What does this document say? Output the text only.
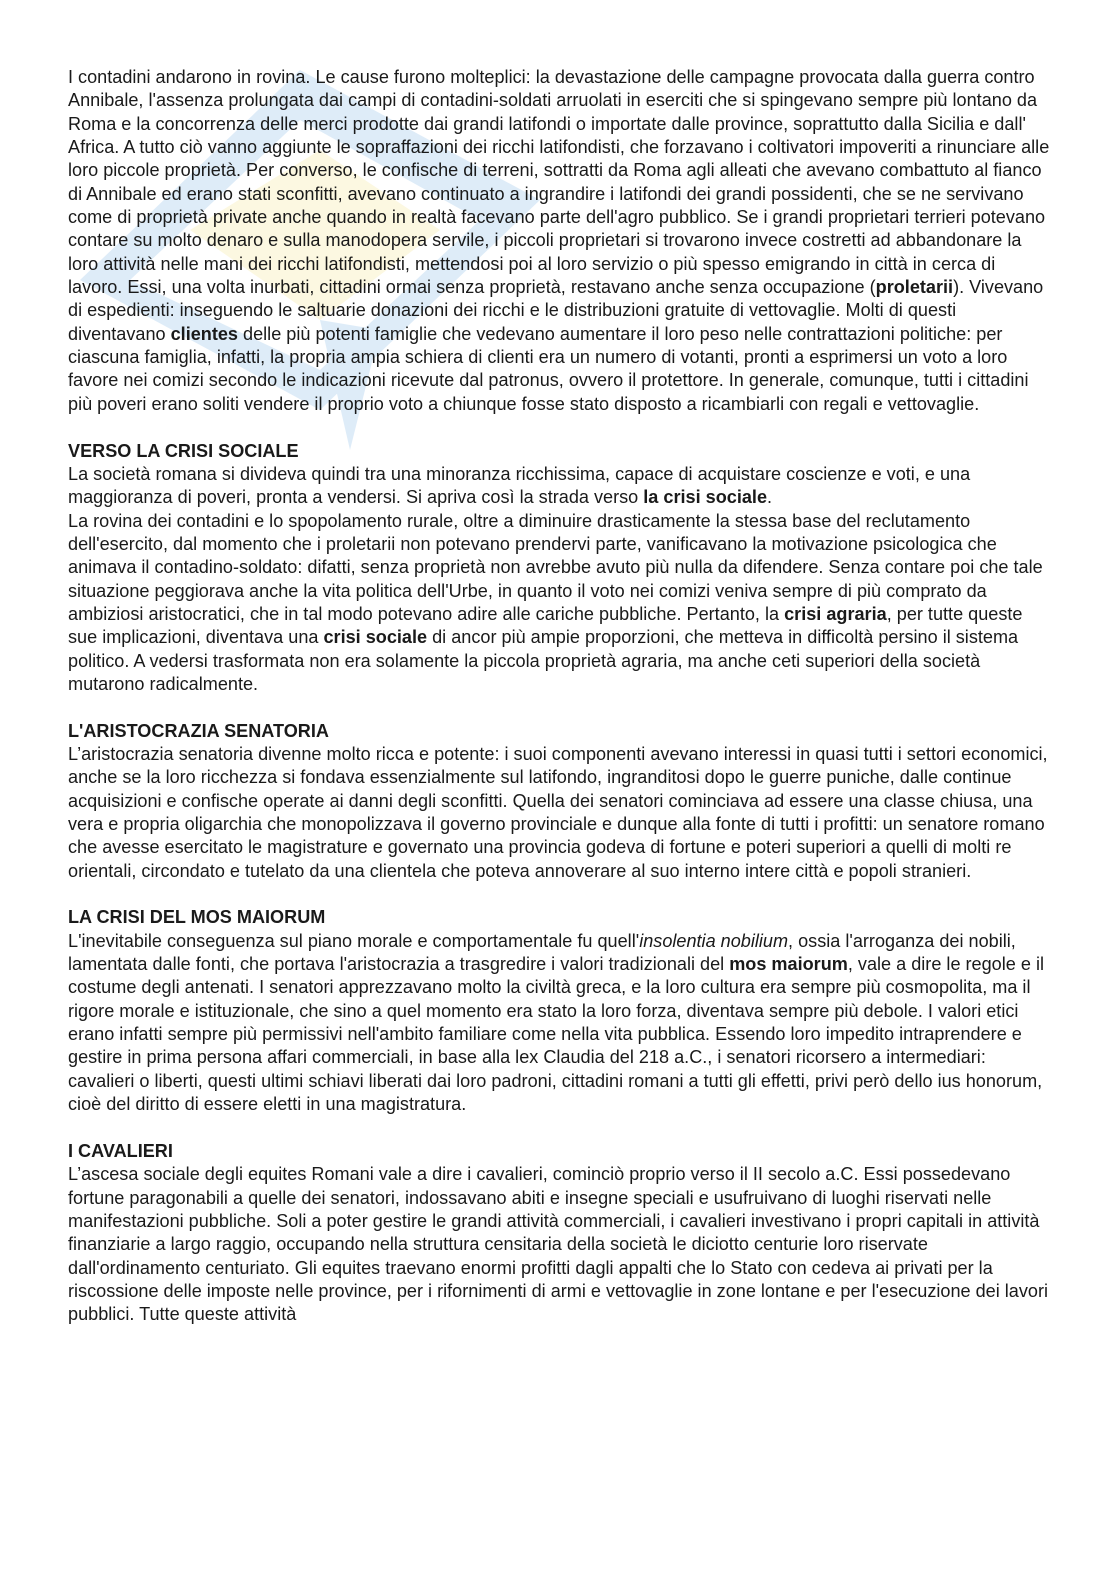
I contadini andarono in rovina. Le cause furono molteplici: la devastazione delle campagne provocata dalla guerra contro Annibale, l'assenza prolungata dai campi di contadini-soldati arruolati in eserciti che si spingevano sempre più lontano da Roma e la concorrenza delle merci prodotte dai grandi latifondi o importate dalle province, soprattutto dalla Sicilia e dall' Africa. A tutto ciò vanno aggiunte le sopraffazioni dei ricchi latifondisti, che forzavano i coltivatori impoveriti a rinunciare alle loro piccole proprietà. Per converso, le confische di terreni, sottratti da Roma agli alleati che avevano combattuto al fianco di Annibale ed erano stati sconfitti, avevano continuato a ingrandire i latifondi dei grandi possidenti, che se ne servivano come di proprietà private anche quando in realtà facevano parte dell'agro pubblico. Se i grandi proprietari terrieri potevano contare su molto denaro e sulla manodopera servile, i piccoli proprietari si trovarono invece costretti ad abbandonare la loro attività nelle mani dei ricchi latifondisti, mettendosi poi al loro servizio o più spesso emigrando in città in cerca di lavoro. Essi, una volta inurbati, cittadini ormai senza proprietà, restavano anche senza occupazione (proletarii). Vivevano di espedienti: inseguendo le saltuarie donazioni dei ricchi e le distribuzioni gratuite di vettovaglie. Molti di questi diventavano clientes delle più potenti famiglie che vedevano aumentare il loro peso nelle contrattazioni politiche: per ciascuna famiglia, infatti, la propria ampia schiera di clienti era un numero di votanti, pronti a esprimersi un voto a loro favore nei comizi secondo le indicazioni ricevute dal patronus, ovvero il protettore. In generale, comunque, tutti i cittadini più poveri erano soliti vendere il proprio voto a chiunque fosse stato disposto a ricambiarli con regali e vettovaglie.

VERSO LA CRISI SOCIALE

La società romana si divideva quindi tra una minoranza ricchissima, capace di acquistare coscienze e voti, e una maggioranza di poveri, pronta a vendersi. Si apriva così la strada verso la crisi sociale.

La rovina dei contadini e lo spopolamento rurale, oltre a diminuire drasticamente la stessa base del reclutamento dell'esercito, dal momento che i proletarii non potevano prendervi parte, vanificavano la motivazione psicologica che animava il contadino-soldato: difatti, senza proprietà non avrebbe avuto più nulla da difendere. Senza contare poi che tale situazione peggiorava anche la vita politica dell'Urbe, in quanto il voto nei comizi veniva sempre di più comprato da ambiziosi aristocratici, che in tal modo potevano adire alle cariche pubbliche. Pertanto, la crisi agraria, per tutte queste sue implicazioni, diventava una crisi sociale di ancor più ampie proporzioni, che metteva in difficoltà persino il sistema politico. A vedersi trasformata non era solamente la piccola proprietà agraria, ma anche ceti superiori della società mutarono radicalmente.

L'ARISTOCRAZIA SENATORIA

L’aristocrazia senatoria divenne molto ricca e potente: i suoi componenti avevano interessi in quasi tutti i settori economici, anche se la loro ricchezza si fondava essenzialmente sul latifondo, ingranditosi dopo le guerre puniche, dalle continue acquisizioni e confische operate ai danni degli sconfitti. Quella dei senatori cominciava ad essere una classe chiusa, una vera e propria oligarchia che monopolizzava il governo provinciale e dunque alla fonte di tutti i profitti: un senatore romano che avesse esercitato le magistrature e governato una provincia godeva di fortune e poteri superiori a quelli di molti re orientali, circondato e tutelato da una clientela che poteva annoverare al suo interno intere città e popoli stranieri.

LA CRISI DEL MOS MAIORUM

L'inevitabile conseguenza sul piano morale e comportamentale fu quell'insolentia nobilium, ossia l'arroganza dei nobili, lamentata dalle fonti, che portava l'aristocrazia a trasgredire i valori tradizionali del mos maiorum, vale a dire le regole e il costume degli antenati. I senatori apprezzavano molto la civiltà greca, e la loro cultura era sempre più cosmopolita, ma il rigore morale e istituzionale, che sino a quel momento era stato la loro forza, diventava sempre più debole. I valori etici erano infatti sempre più permissivi nell'ambito familiare come nella vita pubblica. Essendo loro impedito intraprendere e gestire in prima persona affari commerciali, in base alla lex Claudia del 218 a.C., i senatori ricorsero a intermediari: cavalieri o liberti, questi ultimi schiavi liberati dai loro padroni, cittadini romani a tutti gli effetti, privi però dello ius honorum, cioè del diritto di essere eletti in una magistratura.

I CAVALIERI

L’ascesa sociale degli equites Romani vale a dire i cavalieri, cominciò proprio verso il II secolo a.C. Essi possedevano fortune paragonabili a quelle dei senatori, indossavano abiti e insegne speciali e usufruivano di luoghi riservati nelle manifestazioni pubbliche. Soli a poter gestire le grandi attività commerciali, i cavalieri investivano i propri capitali in attività finanziarie a largo raggio, occupando nella struttura censitaria della società le diciotto centurie loro riservate dall'ordinamento centuriato. Gli equites traevano enormi profitti dagli appalti che lo Stato con cedeva ai privati per la riscossione delle imposte nelle province, per i rifornimenti di armi e vettovaglie in zone lontane e per l'esecuzione dei lavori pubblici. Tutte queste attività
